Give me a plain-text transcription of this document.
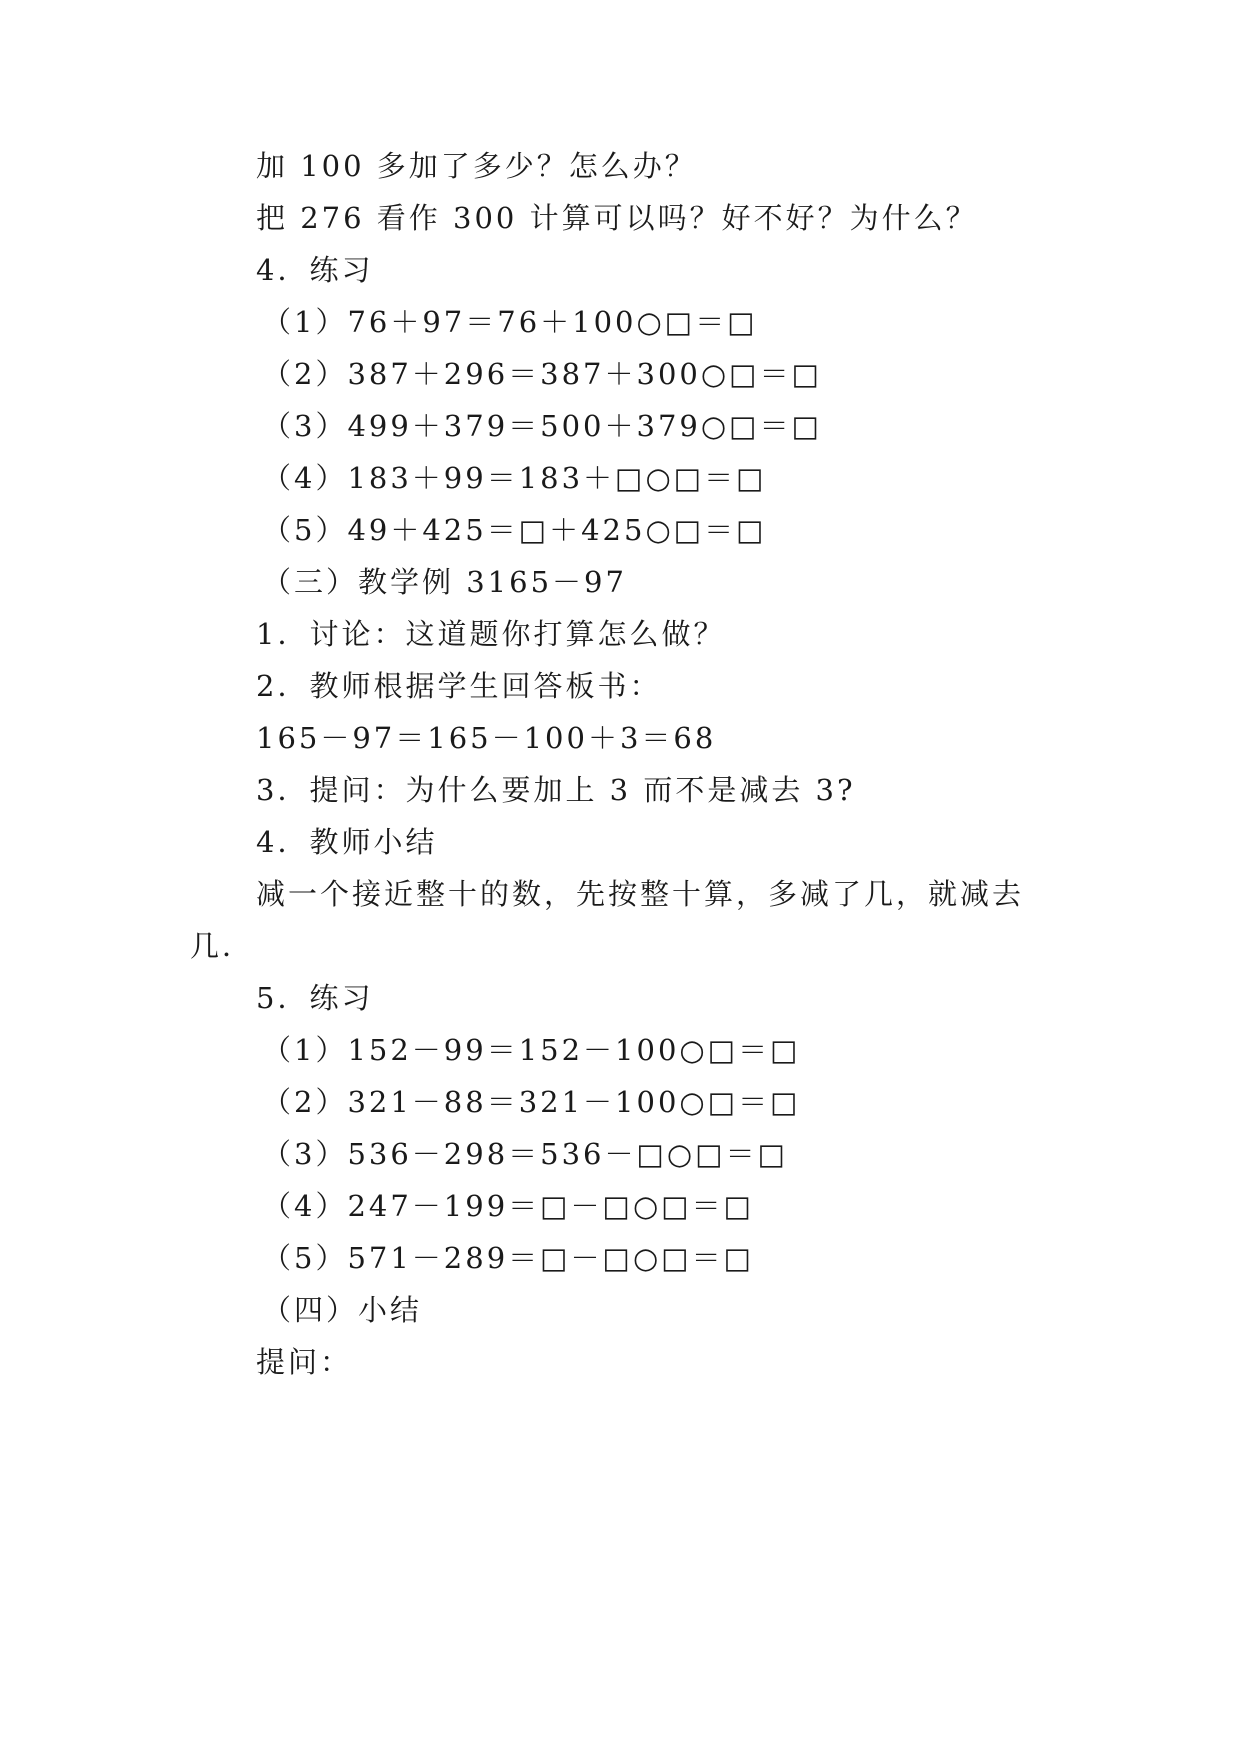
加 100 多加了多少？怎么办？
把 276 看作 300 计算可以吗？好不好？为什么？
4．练习
（1）76＋97＝76＋100○□＝□
（2）387＋296＝387＋300○□＝□
（3）499＋379＝500＋379○□＝□
（4）183＋99＝183＋□○□＝□
（5）49＋425＝□＋425○□＝□
（三）教学例 3165－97
1．讨论：这道题你打算怎么做？
2．教师根据学生回答板书：
165－97＝165－100＋3＝68
3．提问：为什么要加上 3 而不是减去 3?
4．教师小结
减一个接近整十的数，先按整十算，多减了几，就减去
几．
5．练习
（1）152－99＝152－100○□＝□
（2）321－88＝321－100○□＝□
（3）536－298＝536－□○□＝□
（4）247－199＝□－□○□＝□
（5）571－289＝□－□○□＝□
（四）小结
提问：
